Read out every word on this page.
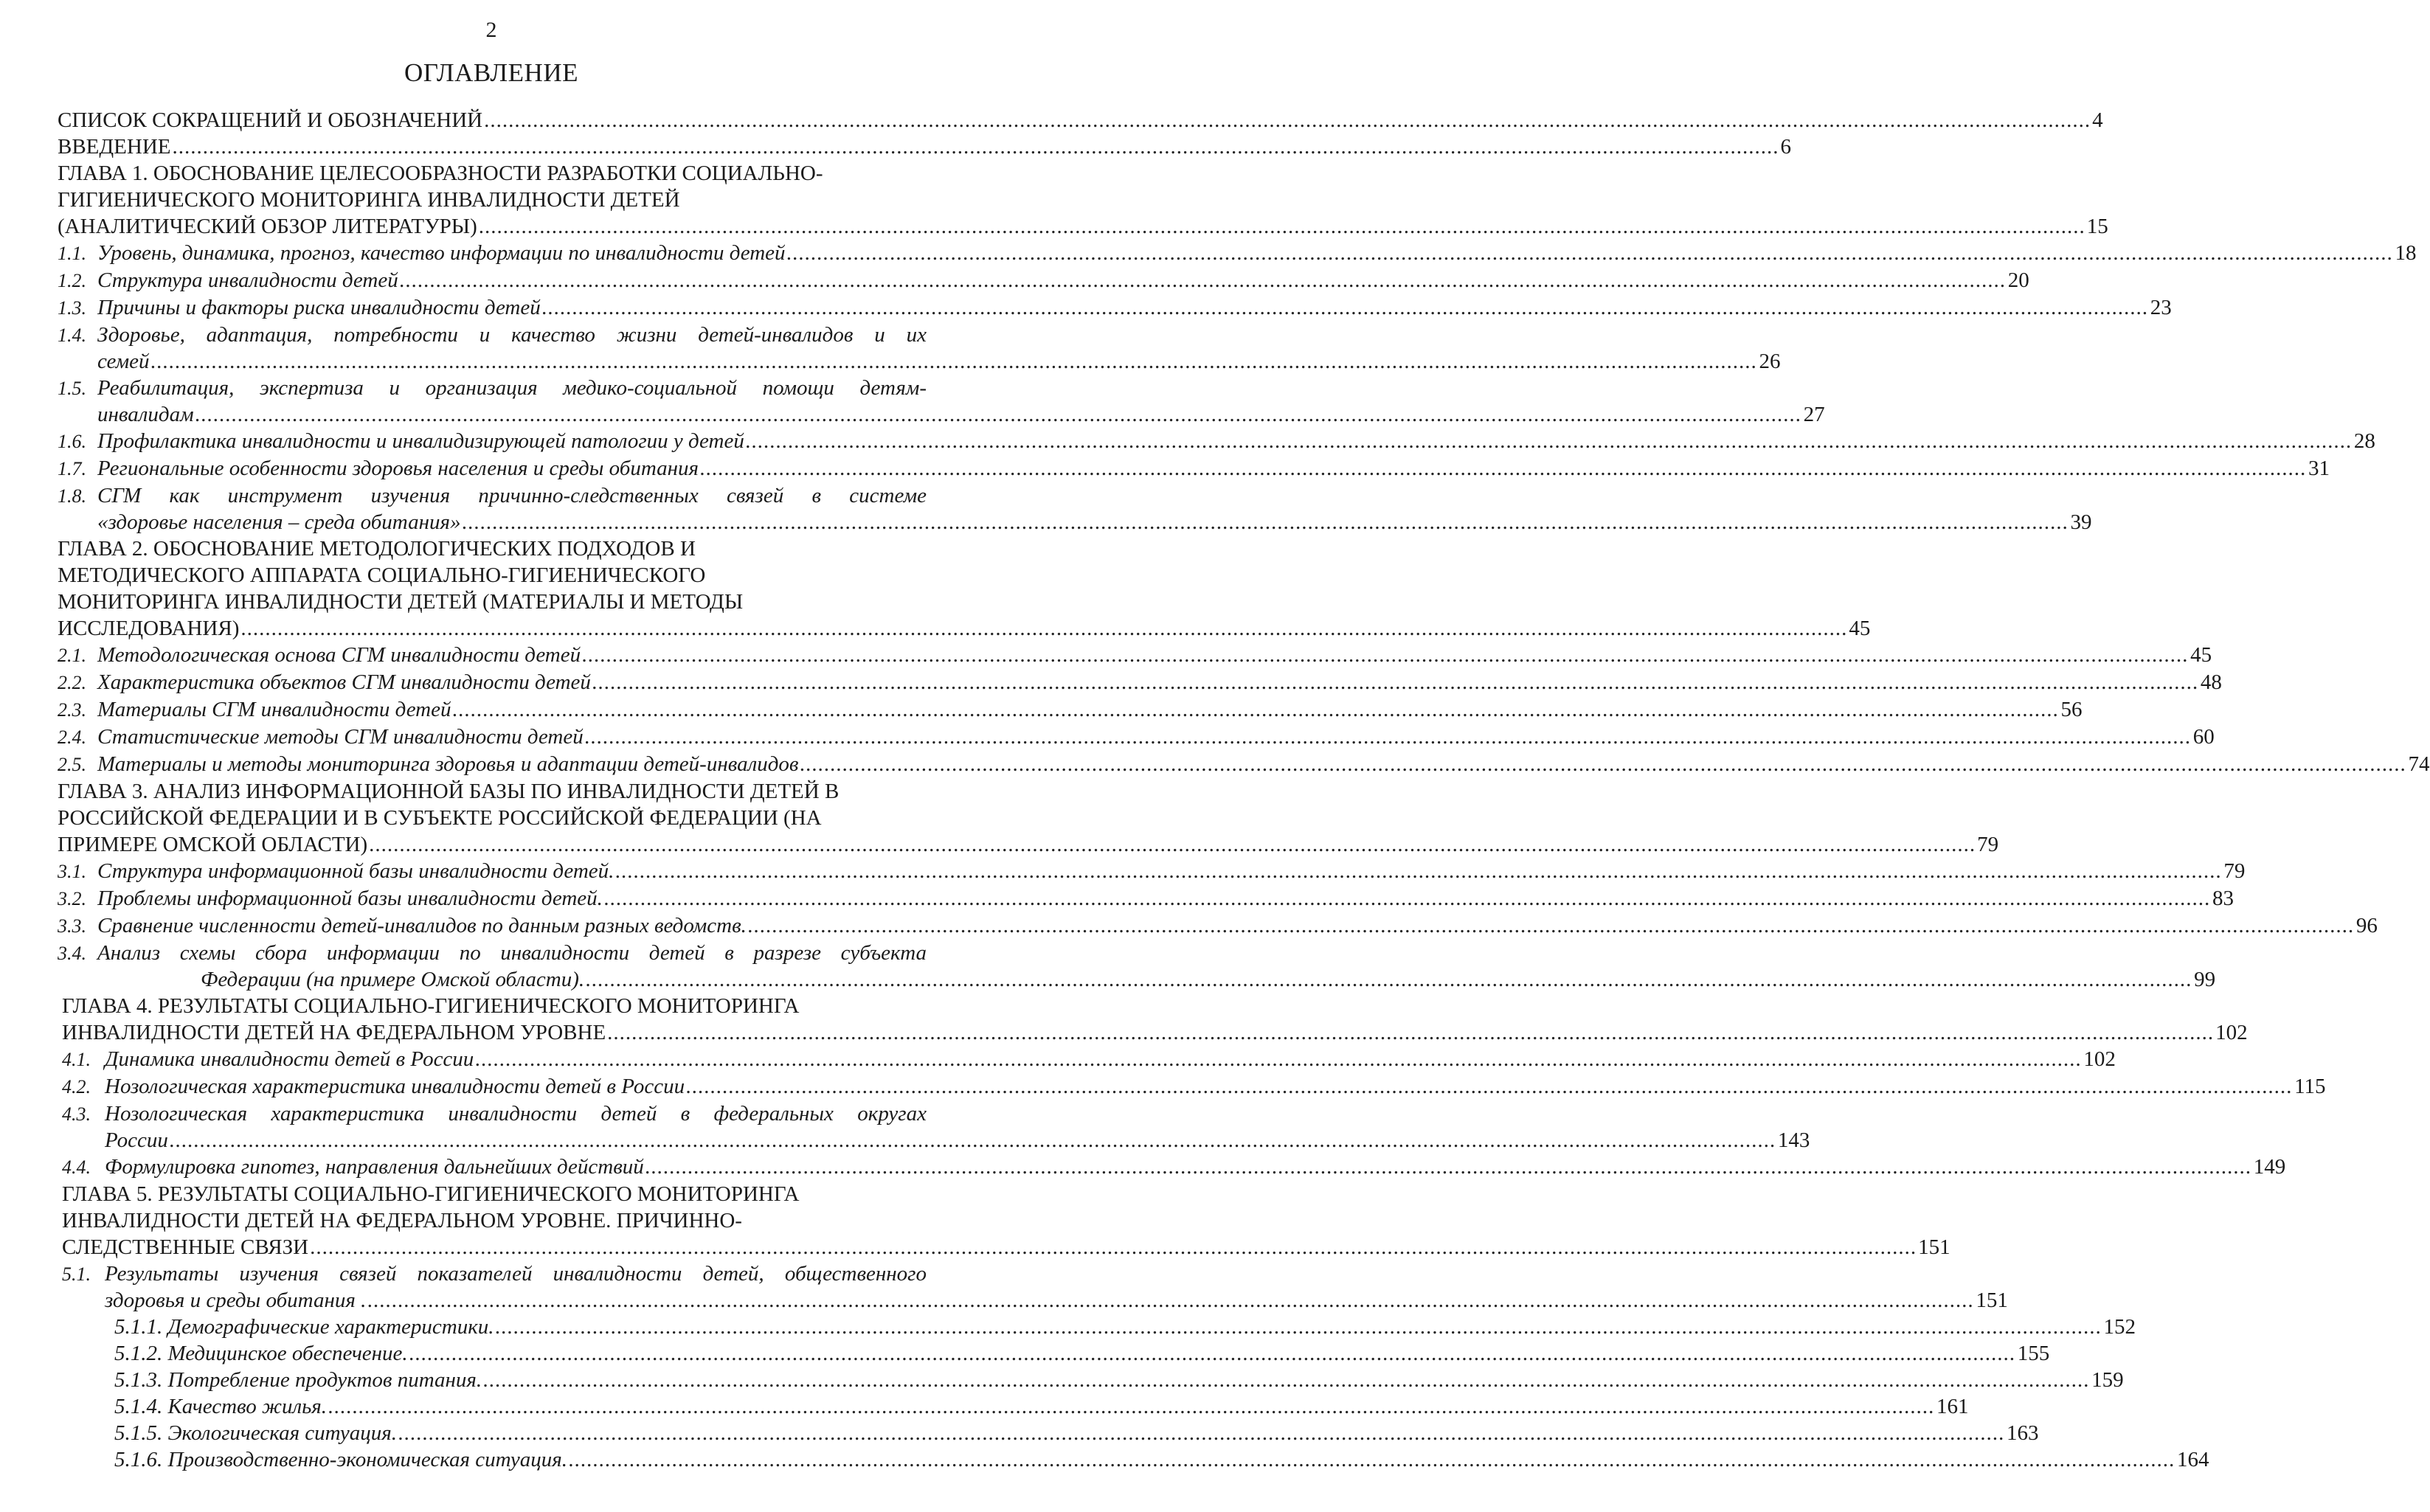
2
ОГЛАВЛЕНИЕ
СПИСОК СОКРАЩЕНИЙ И ОБОЗНАЧЕНИЙ .....	4
ВВЕДЕНИЕ .....	6
ГЛАВА 1. ОБОСНОВАНИЕ ЦЕЛЕСООБРАЗНОСТИ РАЗРАБОТКИ СОЦИАЛЬНО-
ГИГИЕНИЧЕСКОГО МОНИТОРИНГА ИНВАЛИДНОСТИ ДЕТЕЙ
(АНАЛИТИЧЕСКИЙ ОБЗОР ЛИТЕРАТУРЫ) .....	15
1.1. Уровень, динамика, прогноз, качество информации по инвалидности детей .....	18
1.2. Структура инвалидности детей .....	20
1.3. Причины и факторы риска инвалидности детей .....	23
1.4. Здоровье, адаптация, потребности и качество жизни детей-инвалидов и их
семей .....	26
1.5. Реабилитация, экспертиза и организация медико-социальной помощи детям-
инвалидам .....	27
1.6. Профилактика инвалидности и инвалидизирующей патологии у детей .....	28
1.7. Региональные особенности здоровья населения и среды обитания .....	31
1.8. СГМ как инструмент изучения причинно-следственных связей в системе
«здоровье населения – среда обитания» .....	39
ГЛАВА 2. ОБОСНОВАНИЕ МЕТОДОЛОГИЧЕСКИХ ПОДХОДОВ И
МЕТОДИЧЕСКОГО АППАРАТА СОЦИАЛЬНО-ГИГИЕНИЧЕСКОГО
МОНИТОРИНГА ИНВАЛИДНОСТИ ДЕТЕЙ (МАТЕРИАЛЫ И МЕТОДЫ
ИССЛЕДОВАНИЯ) .....	45
2.1. Методологическая основа СГМ инвалидности детей .....	45
2.2. Характеристика объектов СГМ инвалидности детей .....	48
2.3. Материалы СГМ инвалидности детей .....	56
2.4. Статистические методы СГМ инвалидности детей .....	60
2.5. Материалы и методы мониторинга здоровья и адаптации детей-инвалидов .....	74
ГЛАВА 3. АНАЛИЗ ИНФОРМАЦИОННОЙ БАЗЫ ПО ИНВАЛИДНОСТИ ДЕТЕЙ В
РОССИЙСКОЙ ФЕДЕРАЦИИ И В СУБЪЕКТЕ РОССИЙСКОЙ ФЕДЕРАЦИИ (НА
ПРИМЕРЕ ОМСКОЙ ОБЛАСТИ) .....	79
3.1. Структура информационной базы инвалидности детей. .....	79
3.2. Проблемы информационной базы инвалидности детей. .....	83
3.3. Сравнение численности детей-инвалидов по данным разных ведомств. .....	96
3.4. Анализ схемы сбора информации по инвалидности детей в разрезе субъекта
Федерации (на примере Омской области). .....	99
ГЛАВА 4. РЕЗУЛЬТАТЫ СОЦИАЛЬНО-ГИГИЕНИЧЕСКОГО МОНИТОРИНГА
ИНВАЛИДНОСТИ ДЕТЕЙ НА ФЕДЕРАЛЬНОМ УРОВНЕ .....	102
4.1. Динамика инвалидности детей в России .....	102
4.2. Нозологическая характеристика инвалидности детей в России .....	115
4.3. Нозологическая характеристика инвалидности детей в федеральных округах
России .....	143
4.4. Формулировка гипотез, направления дальнейших действий .....	149
ГЛАВА 5. РЕЗУЛЬТАТЫ СОЦИАЛЬНО-ГИГИЕНИЧЕСКОГО МОНИТОРИНГА
ИНВАЛИДНОСТИ ДЕТЕЙ НА ФЕДЕРАЛЬНОМ УРОВНЕ. ПРИЧИННО-
СЛЕДСТВЕННЫЕ СВЯЗИ .....	151
5.1. Результаты изучения связей показателей инвалидности детей, общественного
здоровья и среды обитания . .....	151
5.1.1. Демографические характеристики. .....	152
5.1.2. Медицинское обеспечение. .....	155
5.1.3. Потребление продуктов питания. .....	159
5.1.4. Качество жилья. .....	161
5.1.5. Экологическая ситуация. .....	163
5.1.6. Производственно-экономическая ситуация. .....	164
